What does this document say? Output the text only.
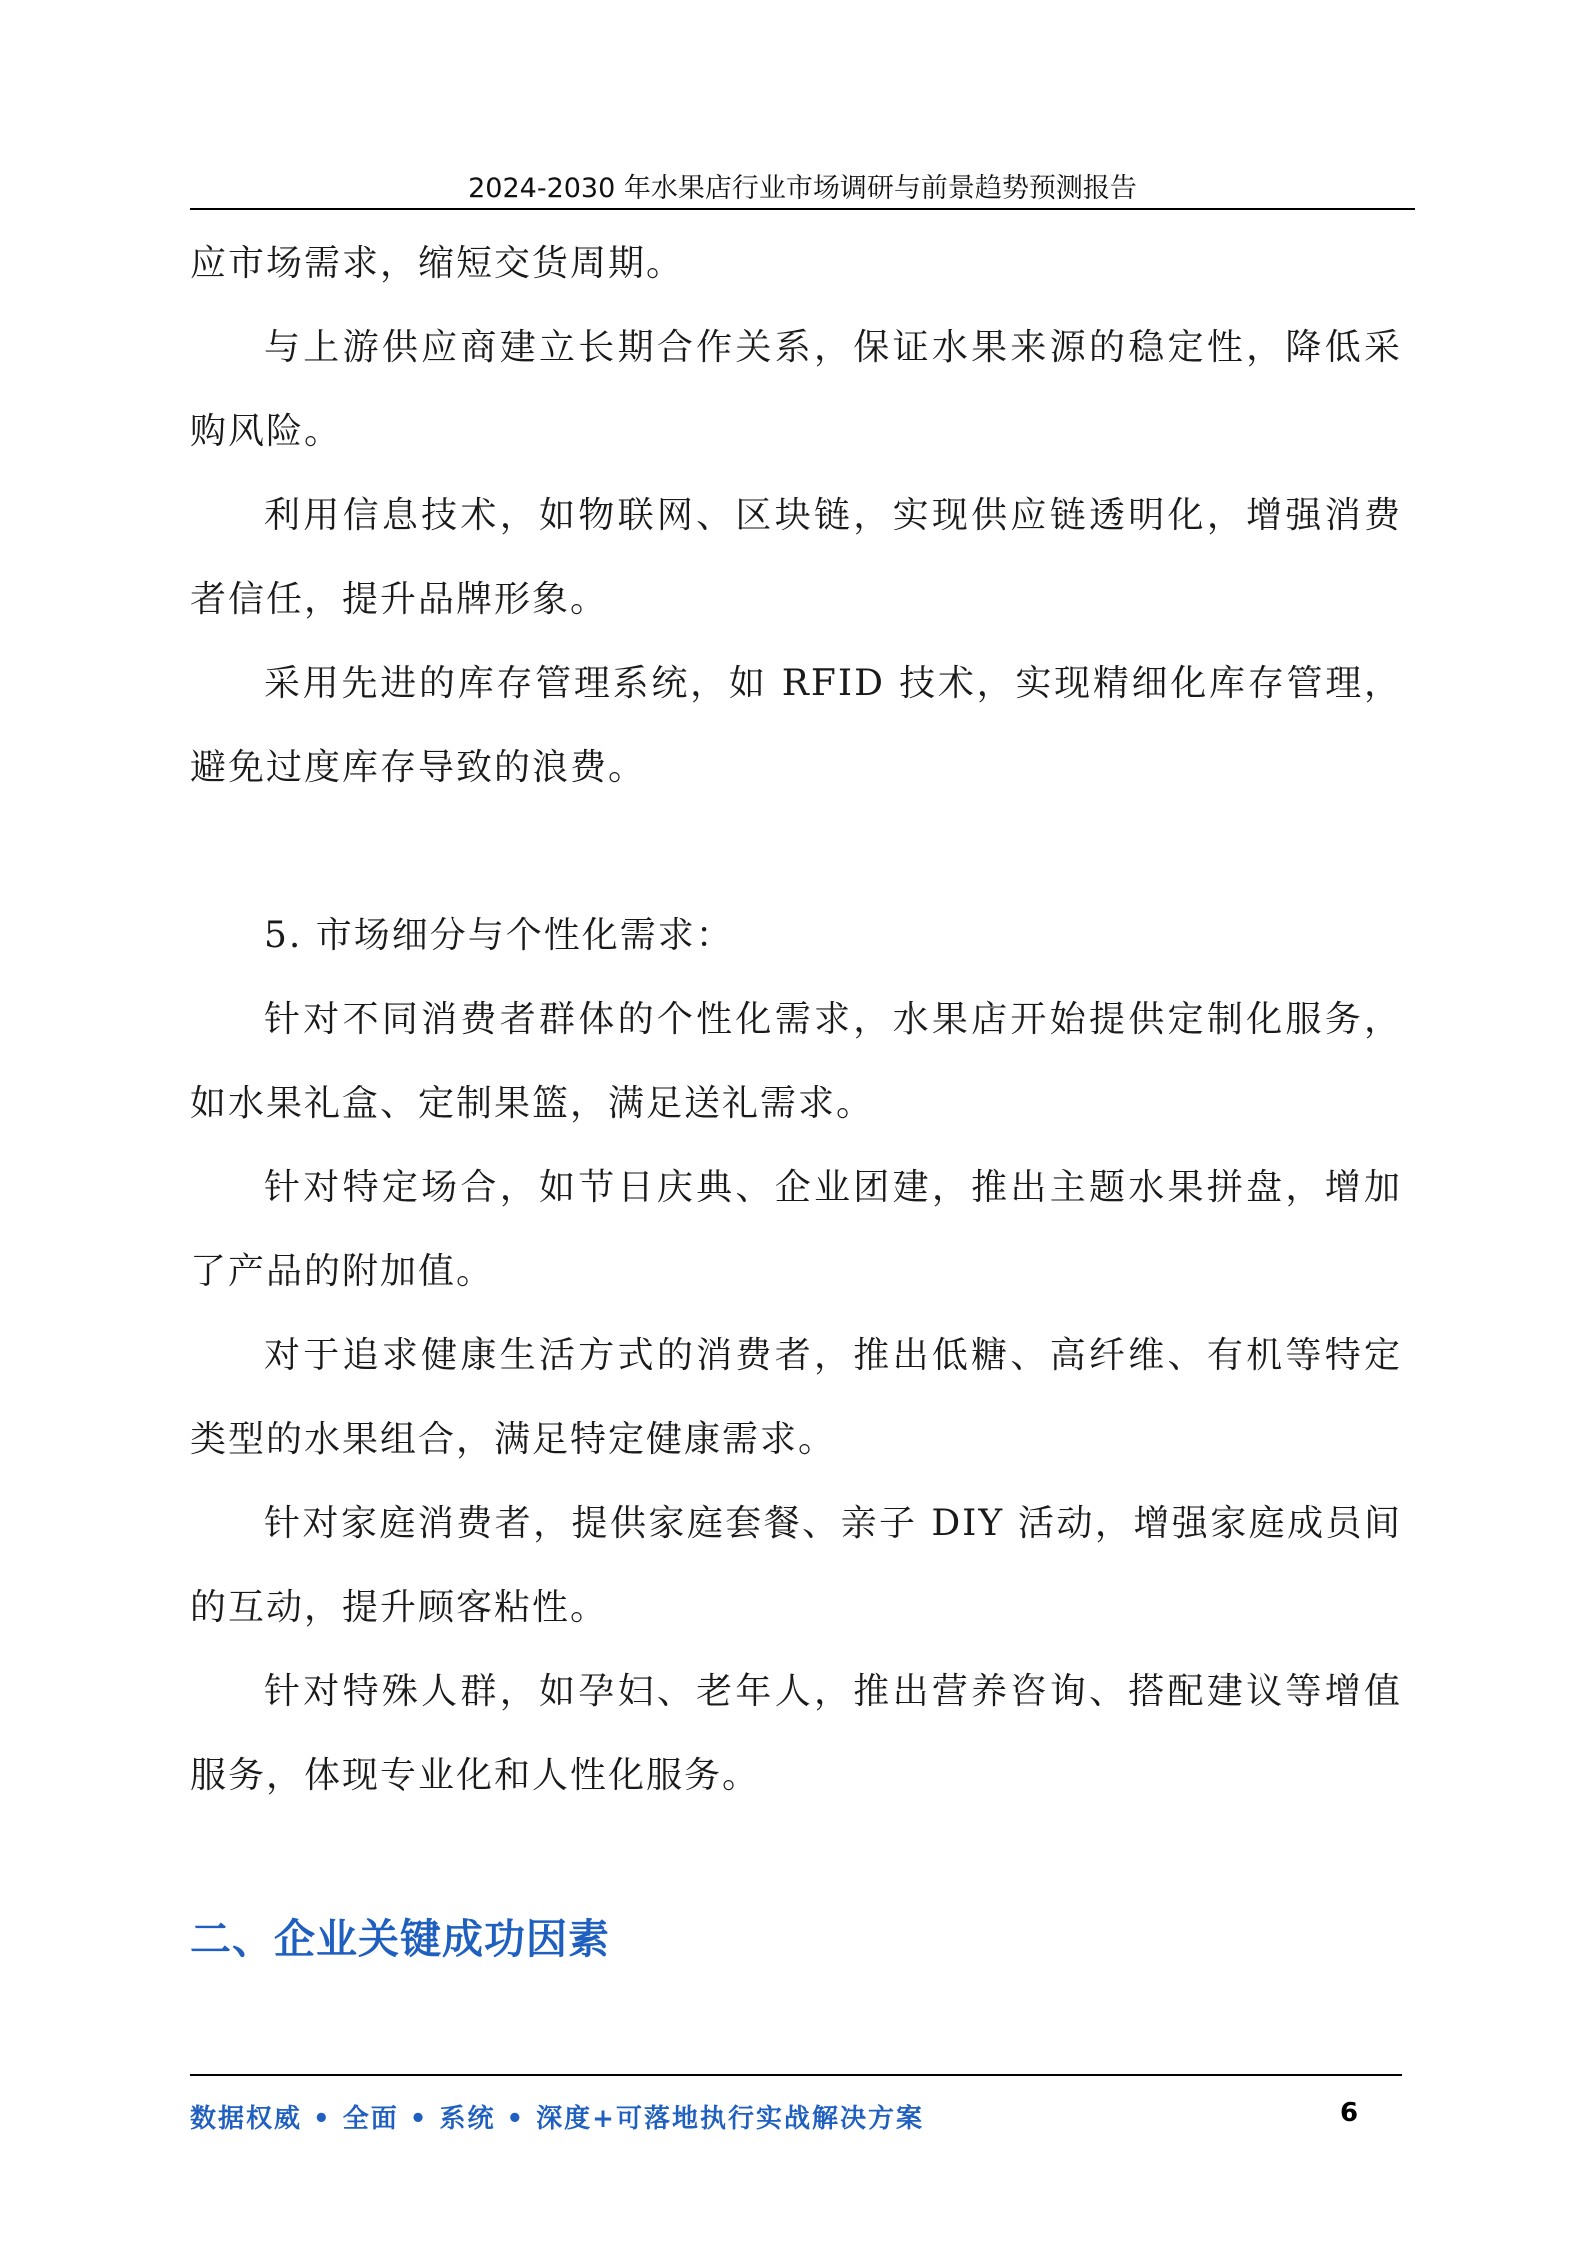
2024-2030 年水果店行业市场调研与前景趋势预测报告

应市场需求，缩短交货周期。

与上游供应商建立长期合作关系，保证水果来源的稳定性，降低采购风险。

利用信息技术，如物联网、区块链，实现供应链透明化，增强消费者信任，提升品牌形象。

采用先进的库存管理系统，如 RFID 技术，实现精细化库存管理，避免过度库存导致的浪费。

5. 市场细分与个性化需求：

针对不同消费者群体的个性化需求，水果店开始提供定制化服务，如水果礼盒、定制果篮，满足送礼需求。

针对特定场合，如节日庆典、企业团建，推出主题水果拼盘，增加了产品的附加值。

对于追求健康生活方式的消费者，推出低糖、高纤维、有机等特定类型的水果组合，满足特定健康需求。

针对家庭消费者，提供家庭套餐、亲子 DIY 活动，增强家庭成员间的互动，提升顾客粘性。

针对特殊人群，如孕妇、老年人，推出营养咨询、搭配建议等增值服务，体现专业化和人性化服务。

二、企业关键成功因素
数据权威 • 全面 • 系统 • 深度+可落地执行实战解决方案	6
